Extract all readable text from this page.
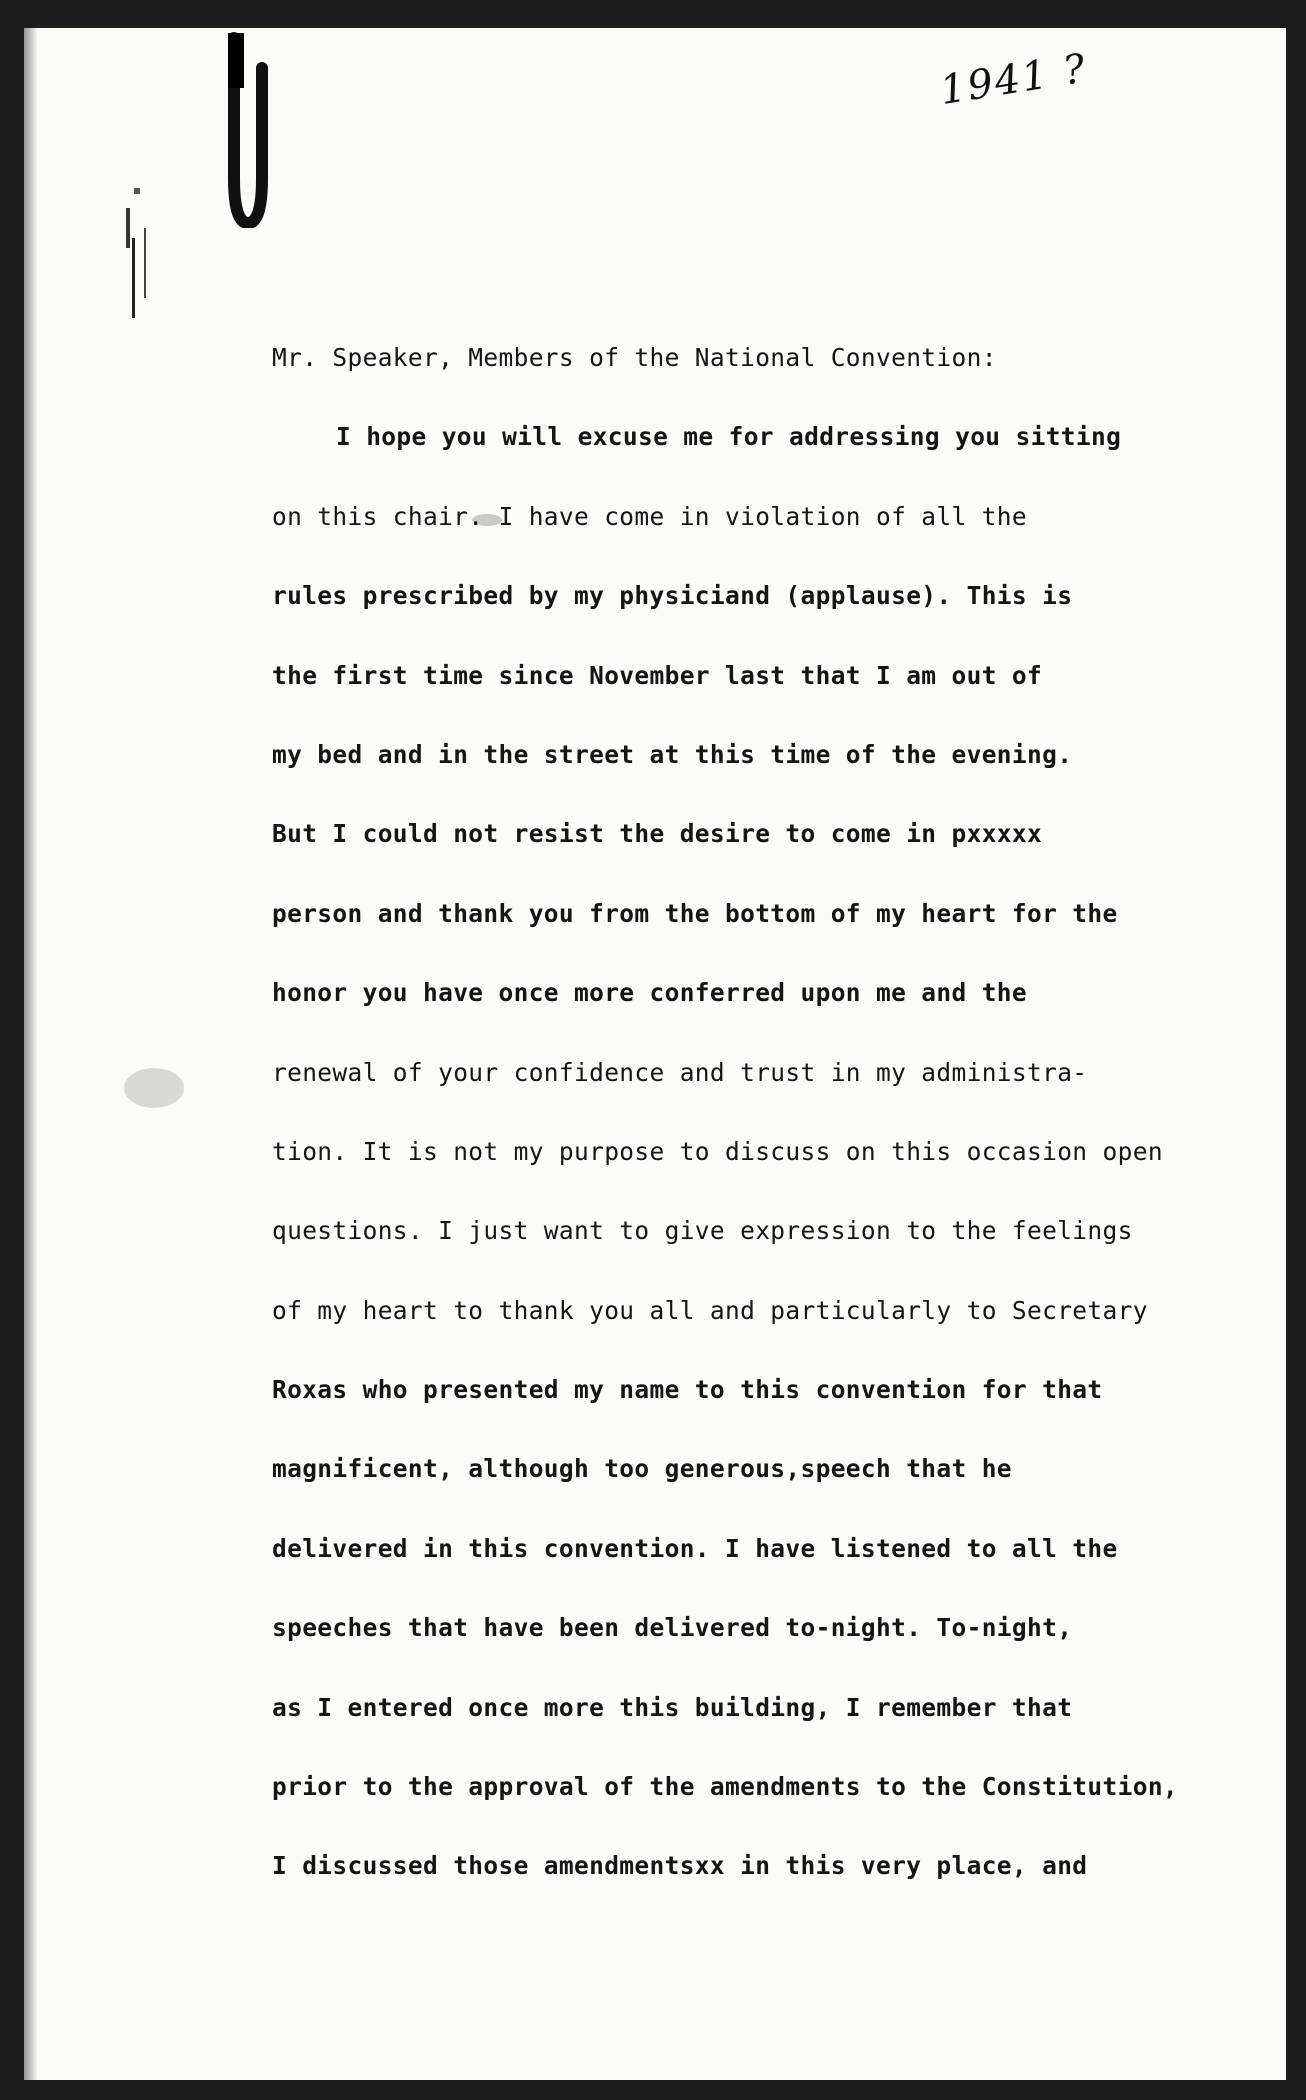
1941 ?
Mr. Speaker, Members of the National Convention:
I hope you will excuse me for addressing you sitting
on this chair. I have come in violation of all the
rules prescribed by my physiciand (applause). This is
the first time since November last that I am out of
my bed and in the street at this time of the evening.
But I could not resist the desire to come in pxxxxx
person and thank you from the bottom of my heart for the
honor you have once more conferred upon me and the
renewal of your confidence and trust in my administra-
tion. It is not my purpose to discuss on this occasion open
questions. I just want to give expression to the feelings
of my heart to thank you all and particularly to Secretary
Roxas who presented my name to this convention for that
magnificent, although too generous,speech that he
delivered in this convention. I have listened to all the
speeches that have been delivered to-night. To-night,
as I entered once more this building, I remember that
prior to the approval of the amendments to the Constitution,
I discussed those amendmentsxx in this very place, and
